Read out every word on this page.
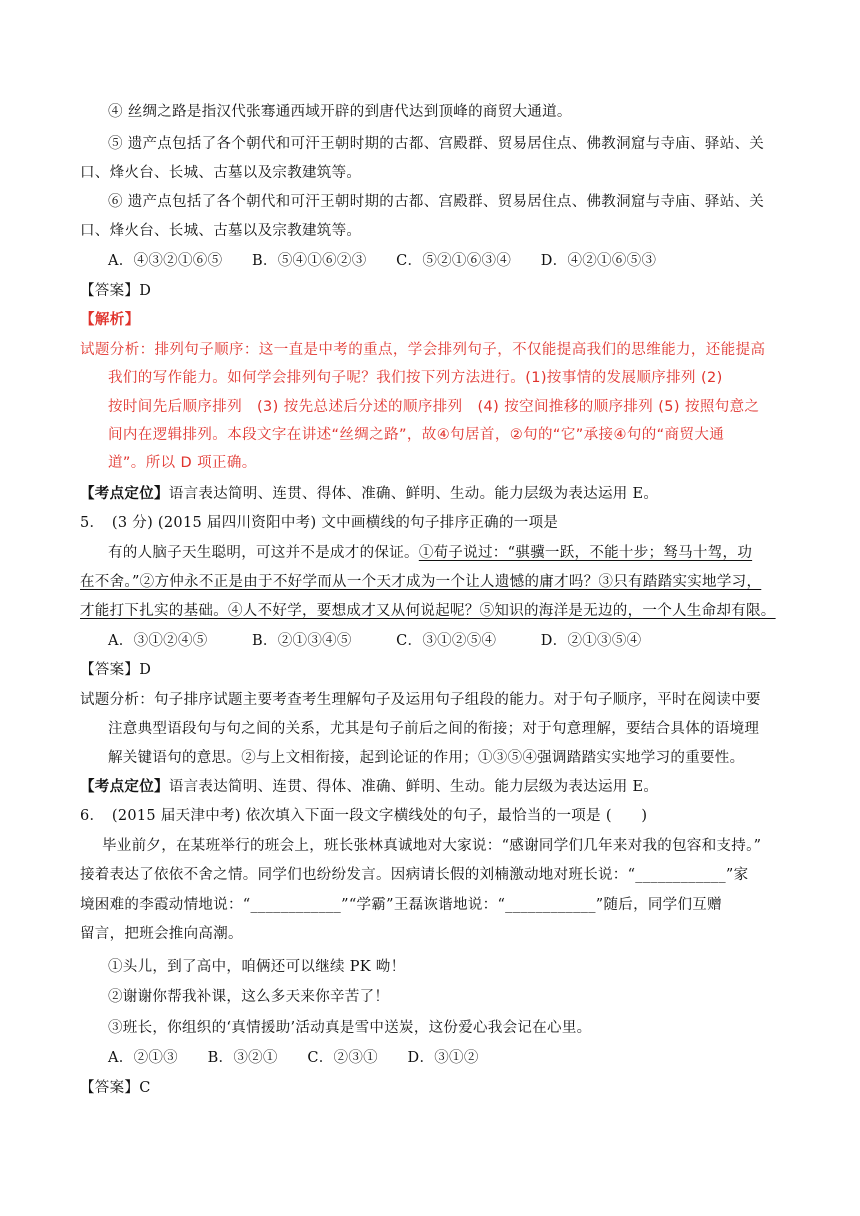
④ 丝绸之路是指汉代张骞通西域开辟的到唐代达到顶峰的商贸大通道。
⑤ 遗产点包括了各个朝代和可汗王朝时期的古都、宫殿群、贸易居住点、佛教洞窟与寺庙、驿站、关
口、烽火台、长城、古墓以及宗教建筑等。
⑥ 遗产点包括了各个朝代和可汗王朝时期的古都、宫殿群、贸易居住点、佛教洞窟与寺庙、驿站、关
口、烽火台、长城、古墓以及宗教建筑等。
A．④③②①⑥⑤　　B．⑤④①⑥②③　　C．⑤②①⑥③④　　D．④②①⑥⑤③
【答案】D
【解析】
试题分析：排列句子顺序：这一直是中考的重点，学会排列句子，不仅能提高我们的思维能力，还能提高
我们的写作能力。如何学会排列句子呢？我们按下列方法进行。(1)按事情的发展顺序排列 (2)
按时间先后顺序排列　(3) 按先总述后分述的顺序排列　(4) 按空间推移的顺序排列 (5) 按照句意之
间内在逻辑排列。本段文字在讲述“丝绸之路”，故④句居首，②句的“它”承接④句的“商贸大通
道”。所以 D 项正确。
【考点定位】语言表达简明、连贯、得体、准确、鲜明、生动。能力层级为表达运用 E。
5．　(3 分) (2015 届四川资阳中考) 文中画横线的句子排序正确的一项是
有的人脑子天生聪明，可这并不是成才的保证。①荀子说过：“骐骥一跃，不能十步；驽马十驾，功
在不舍。”②方仲永不正是由于不好学而从一个天才成为一个让人遗憾的庸才吗？③只有踏踏实实地学习，
才能打下扎实的基础。④人不好学，要想成才又从何说起呢？⑤知识的海洋是无边的，一个人生命却有限。
A．③①②④⑤　　　B．②①③④⑤　　　C．③①②⑤④　　　D．②①③⑤④
【答案】D
试题分析：句子排序试题主要考查考生理解句子及运用句子组段的能力。对于句子顺序，平时在阅读中要
注意典型语段句与句之间的关系，尤其是句子前后之间的衔接；对于句意理解，要结合具体的语境理
解关键语句的意思。②与上文相衔接，起到论证的作用；①③⑤④强调踏踏实实地学习的重要性。
【考点定位】语言表达简明、连贯、得体、准确、鲜明、生动。能力层级为表达运用 E。
6．　(2015 届天津中考) 依次填入下面一段文字横线处的句子，最恰当的一项是 (　　)
毕业前夕，在某班举行的班会上，班长张林真诚地对大家说：“感谢同学们几年来对我的包容和支持。”
接着表达了依依不舍之情。同学们也纷纷发言。因病请长假的刘楠激动地对班长说：“____________”家
境困难的李霞动情地说：“____________”“学霸”王磊诙谐地说：“____________”随后，同学们互赠
留言，把班会推向高潮。
①头儿，到了高中，咱俩还可以继续 PK 呦！
②谢谢你帮我补课，这么多天来你辛苦了！
③班长，你组织的‘真情援助’活动真是雪中送炭，这份爱心我会记在心里。
A．②①③　　B．③②①　　C．②③①　　D．③①②
【答案】C
